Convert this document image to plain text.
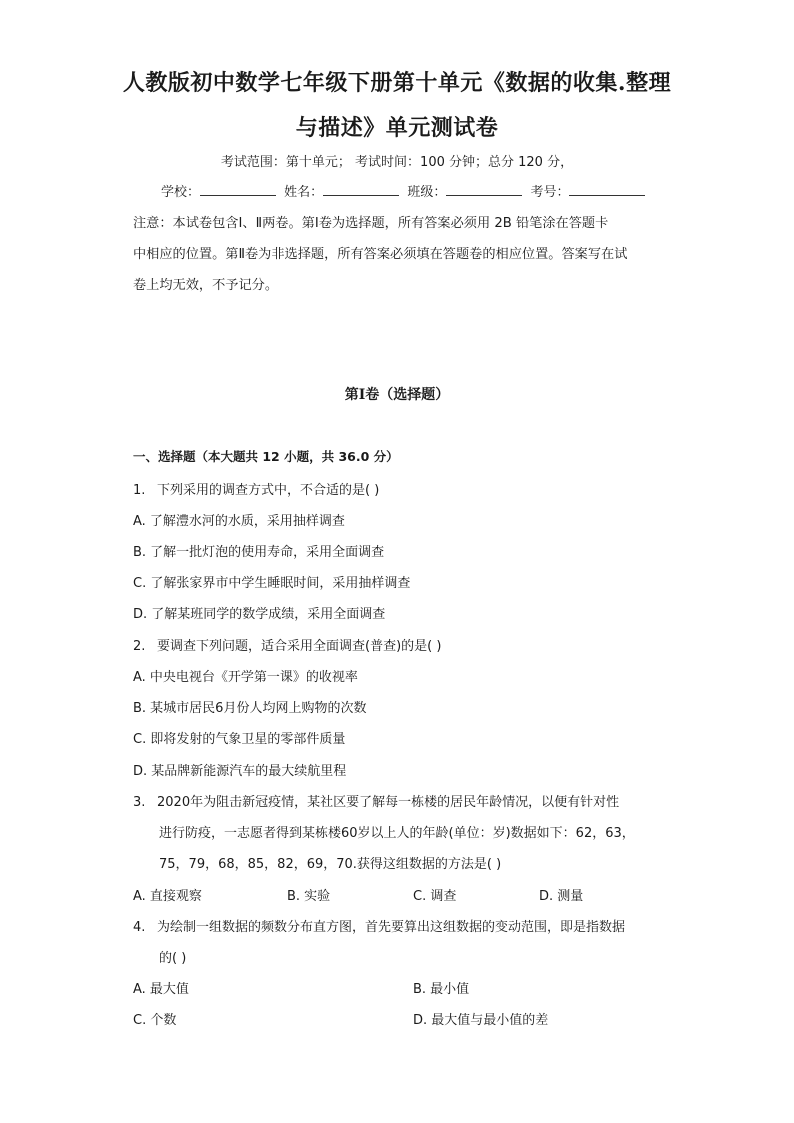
人教版初中数学七年级下册第十单元《数据的收集.整理
与描述》单元测试卷
考试范围：第十单元； 考试时间：100 分钟；总分 120 分，
学校：	姓名：	班级：	考号：
注意：本试卷包含Ⅰ、Ⅱ两卷。第Ⅰ卷为选择题，所有答案必须用 2B 铅笔涂在答题卡
中相应的位置。第Ⅱ卷为非选择题，所有答案必须填在答题卷的相应位置。答案写在试
卷上均无效，不予记分。
第Ⅰ卷（选择题）
一、选择题（本大题共 12 小题，共 36.0 分）
1. 下列采用的调查方式中，不合适的是( )
A. 了解澧水河的水质，采用抽样调查
B. 了解一批灯泡的使用寿命，采用全面调查
C. 了解张家界市中学生睡眠时间，采用抽样调查
D. 了解某班同学的数学成绩，采用全面调查
2. 要调查下列问题，适合采用全面调查(普查)的是( )
A. 中央电视台《开学第一课》的收视率
B. 某城市居民6月份人均网上购物的次数
C. 即将发射的气象卫星的零部件质量
D. 某品牌新能源汽车的最大续航里程
3. 2020年为阻击新冠疫情，某社区要了解每一栋楼的居民年龄情况，以便有针对性
进行防疫，一志愿者得到某栋楼60岁以上人的年龄(单位：岁)数据如下：62，63，
75，79，68，85，82，69，70.获得这组数据的方法是( )
A. 直接观察	B. 实验	C. 调查	D. 测量
4. 为绘制一组数据的频数分布直方图，首先要算出这组数据的变动范围，即是指数据
的( )
A. 最大值	B. 最小值
C. 个数	D. 最大值与最小值的差
